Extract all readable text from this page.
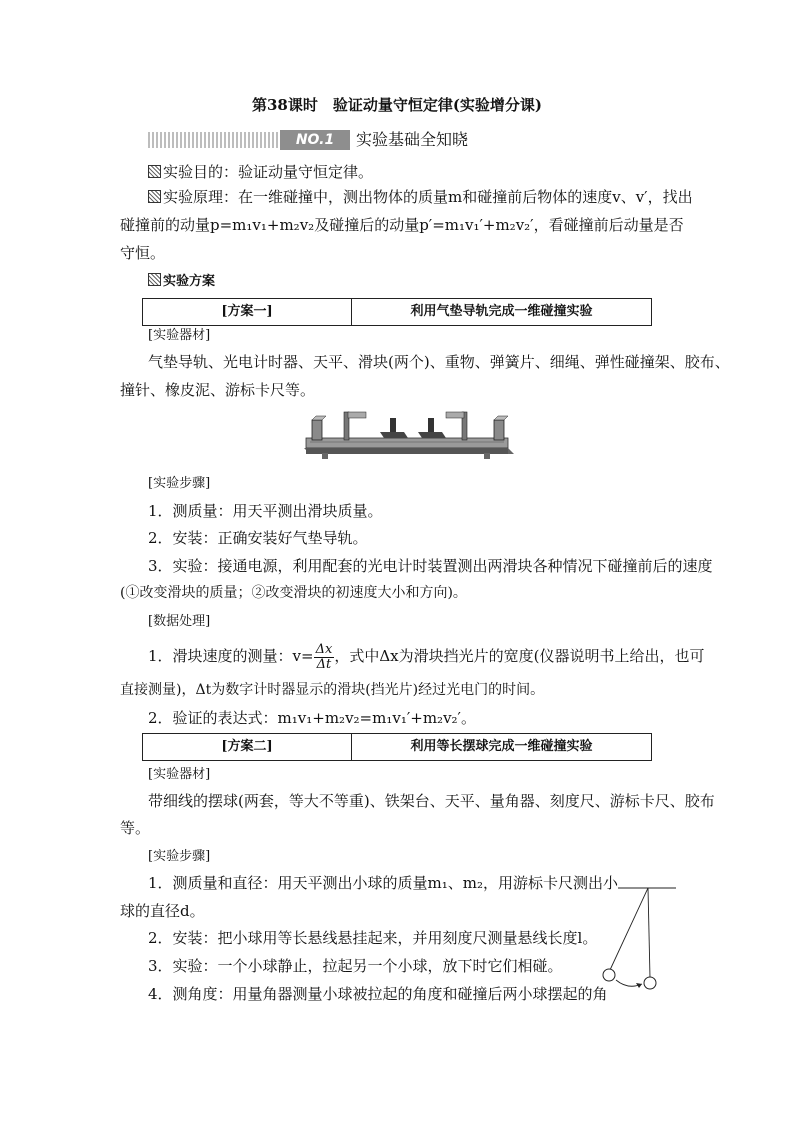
第38课时　验证动量守恒定律(实验增分课)
NO.1	实验基础全知晓
实验目的：验证动量守恒定律。
实验原理：在一维碰撞中，测出物体的质量m和碰撞前后物体的速度v、v′，找出
碰撞前的动量p=m₁v₁+m₂v₂及碰撞后的动量p′=m₁v₁′+m₂v₂′，看碰撞前后动量是否
守恒。
实验方案
[方案一]	利用气垫导轨完成一维碰撞实验
[实验器材]
气垫导轨、光电计时器、天平、滑块(两个)、重物、弹簧片、细绳、弹性碰撞架、胶布、
撞针、橡皮泥、游标卡尺等。
[实验步骤]
1．测质量：用天平测出滑块质量。
2．安装：正确安装好气垫导轨。
3．实验：接通电源，利用配套的光电计时装置测出两滑块各种情况下碰撞前后的速度
(①改变滑块的质量；②改变滑块的初速度大小和方向)。
[数据处理]
1．滑块速度的测量：$v= \frac{\Delta x}{\Delta t}$ ，式中Δx为滑块挡光片的宽度(仪器说明书上给出，也可
直接测量)，Δt为数字计时器显示的滑块(挡光片)经过光电门的时间。
2．验证的表达式：m₁v₁+m₂v₂=m₁v₁′+m₂v₂′。
[方案二]	利用等长摆球完成一维碰撞实验
[实验器材]
带细线的摆球(两套，等大不等重)、铁架台、天平、量角器、刻度尺、游标卡尺、胶布
等。
[实验步骤]
1．测质量和直径：用天平测出小球的质量m₁、m₂，用游标卡尺测出小
球的直径d。
2．安装：把小球用等长悬线悬挂起来，并用刻度尺测量悬线长度l。
3．实验：一个小球静止，拉起另一个小球，放下时它们相碰。
4．测角度：用量角器测量小球被拉起的角度和碰撞后两小球摆起的角
